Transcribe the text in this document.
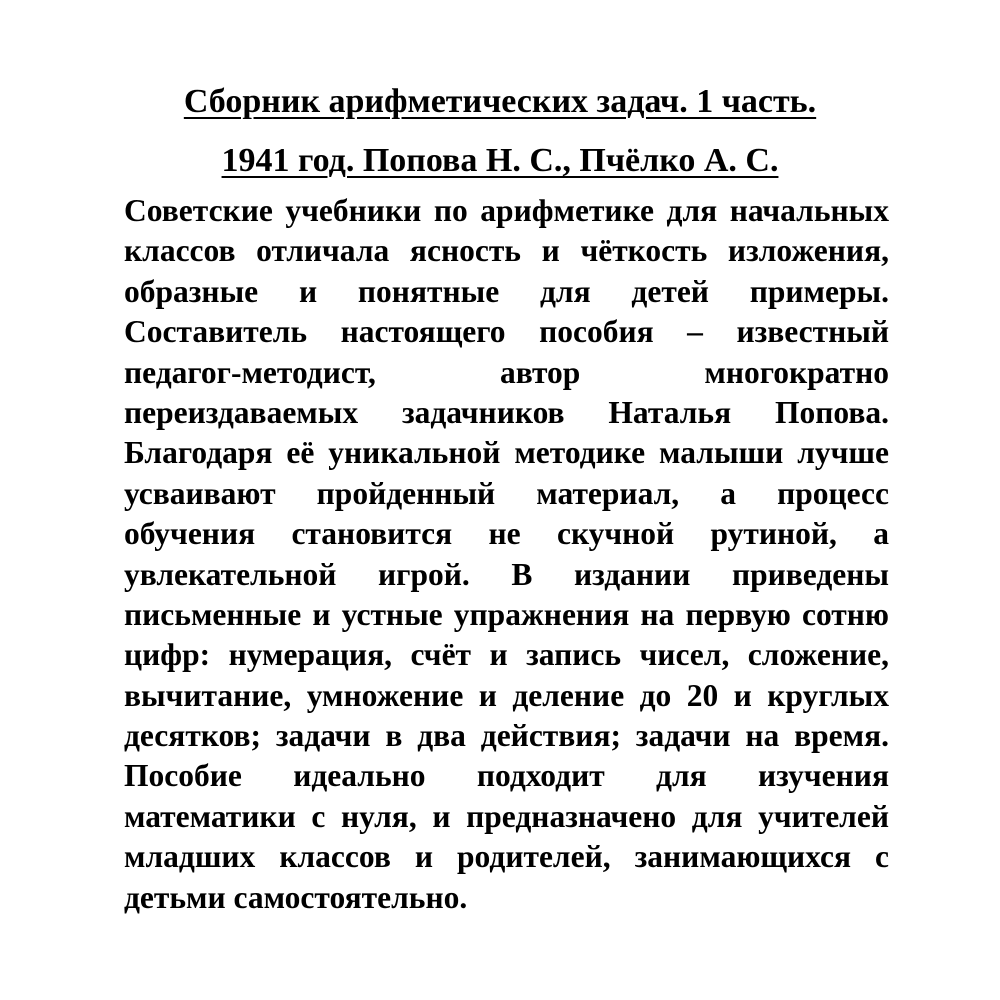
Сборник арифметических задач. 1 часть.
1941 год. Попова Н. С., Пчёлко А. С.
Советские учебники по арифметике для начальных
классов отличала ясность и чёткость изложения,
образные и понятные для детей примеры.
Составитель настоящего пособия – известный
педагог-методист, автор многократно
переиздаваемых задачников Наталья Попова.
Благодаря её уникальной методике малыши лучше
усваивают пройденный материал, а процесс
обучения становится не скучной рутиной, а
увлекательной игрой. В издании приведены
письменные и устные упражнения на первую сотню
цифр: нумерация, счёт и запись чисел, сложение,
вычитание, умножение и деление до 20 и круглых
десятков; задачи в два действия; задачи на время.
Пособие идеально подходит для изучения
математики с нуля, и предназначено для учителей
младших классов и родителей, занимающихся с
детьми самостоятельно.
